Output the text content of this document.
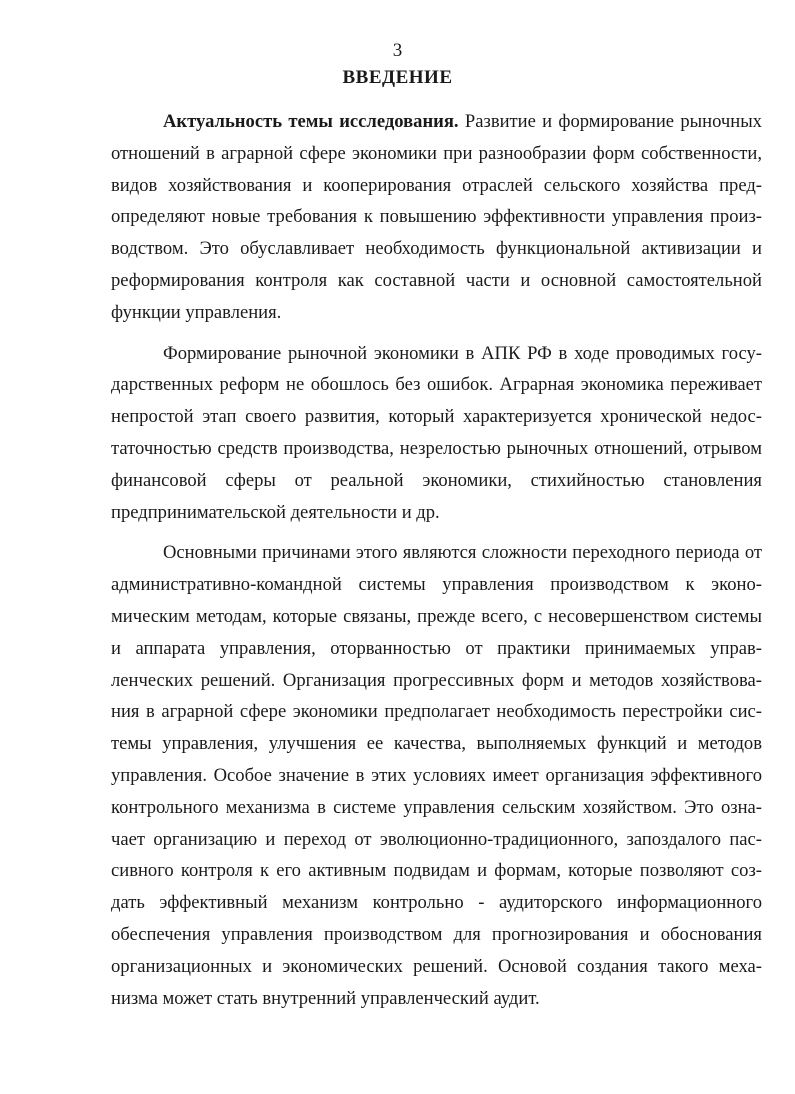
3
ВВЕДЕНИЕ

Актуальность темы исследования. Развитие и формирование рыночных отношений в аграрной сфере экономики при разнообразии форм собственности, видов хозяйствования и кооперирования отраслей сельского хозяйства предопределяют новые требования к повышению эффективности управления производством. Это обуславливает необходимость функциональной активизации и реформирования контроля как составной части и основной самостоятельной функции управления.

Формирование рыночной экономики в АПК РФ в ходе проводимых государственных реформ не обошлось без ошибок. Аграрная экономика переживает непростой этап своего развития, который характеризуется хронической недостаточностью средств производства, незрелостью рыночных отношений, отрывом финансовой сферы от реальной экономики, стихийностью становления предпринимательской деятельности и др.

Основными причинами этого являются сложности переходного периода от административно-командной системы управления производством к экономическим методам, которые связаны, прежде всего, с несовершенством системы и аппарата управления, оторванностью от практики принимаемых управленческих решений. Организация прогрессивных форм и методов хозяйствования в аграрной сфере экономики предполагает необходимость перестройки системы управления, улучшения ее качества, выполняемых функций и методов управления. Особое значение в этих условиях имеет организация эффективного контрольного механизма в системе управления сельским хозяйством. Это означает организацию и переход от эволюционно-традиционного, запоздалого пассивного контроля к его активным подвидам и формам, которые позволяют создать эффективный механизм контрольно - аудиторского информационного обеспечения управления производством для прогнозирования и обоснования организационных и экономических решений. Основой создания такого механизма может стать внутренний управленческий аудит.
